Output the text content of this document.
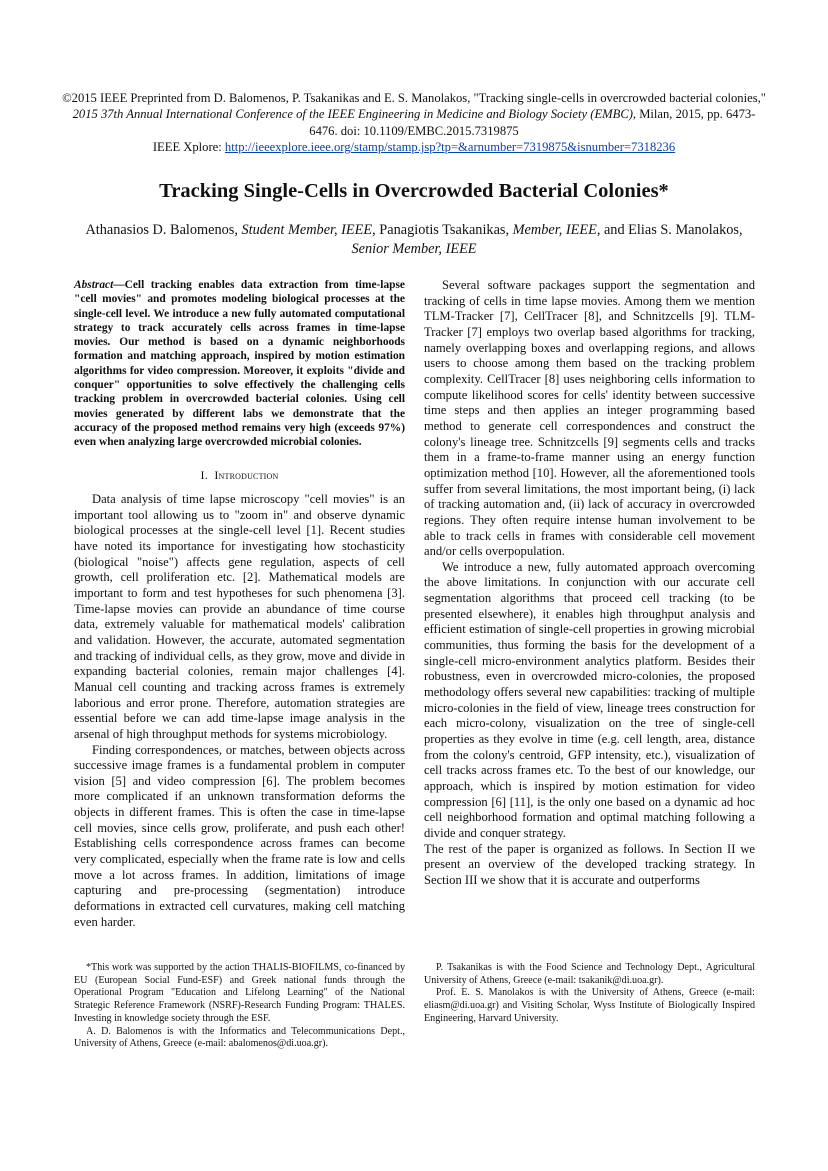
©2015 IEEE Preprinted from D. Balomenos, P. Tsakanikas and E. S. Manolakos, "Tracking single-cells in overcrowded bacterial colonies," 2015 37th Annual International Conference of the IEEE Engineering in Medicine and Biology Society (EMBC), Milan, 2015, pp. 6473-6476. doi: 10.1109/EMBC.2015.7319875

IEEE Xplore: http://ieeexplore.ieee.org/stamp/stamp.jsp?tp=&arnumber=7319875&isnumber=7318236

Tracking Single-Cells in Overcrowded Bacterial Colonies*
Athanasios D. Balomenos, Student Member, IEEE, Panagiotis Tsakanikas, Member, IEEE, and Elias S. Manolakos, Senior Member, IEEE
Abstract—Cell tracking enables data extraction from time-lapse "cell movies" and promotes modeling biological processes at the single-cell level. We introduce a new fully automated computational strategy to track accurately cells across frames in time-lapse movies. Our method is based on a dynamic neighborhoods formation and matching approach, inspired by motion estimation algorithms for video compression. Moreover, it exploits "divide and conquer" opportunities to solve effectively the challenging cells tracking problem in overcrowded bacterial colonies. Using cell movies generated by different labs we demonstrate that the accuracy of the proposed method remains very high (exceeds 97%) even when analyzing large overcrowded microbial colonies.
I. Introduction

Data analysis of time lapse microscopy "cell movies" is an important tool allowing us to "zoom in" and observe dynamic biological processes at the single-cell level [1]. Recent studies have noted its importance for investigating how stochasticity (biological "noise") affects gene regulation, aspects of cell growth, cell proliferation etc. [2]. Mathematical models are important to form and test hypotheses for such phenomena [3]. Time-lapse movies can provide an abundance of time course data, extremely valuable for mathematical models' calibration and validation. However, the accurate, automated segmentation and tracking of individual cells, as they grow, move and divide in expanding bacterial colonies, remain major challenges [4]. Manual cell counting and tracking across frames is extremely laborious and error prone. Therefore, automation strategies are essential before we can add time-lapse image analysis in the arsenal of high throughput methods for systems microbiology.

Finding correspondences, or matches, between objects across successive image frames is a fundamental problem in computer vision [5] and video compression [6]. The problem becomes more complicated if an unknown transformation deforms the objects in different frames. This is often the case in time-lapse cell movies, since cells grow, proliferate, and push each other! Establishing cells correspondence across frames can become very complicated, especially when the frame rate is low and cells move a lot across frames. In addition, limitations of image capturing and pre-processing (segmentation) introduce deformations in extracted cell curvatures, making cell matching even harder.

Several software packages support the segmentation and tracking of cells in time lapse movies. Among them we mention TLM-Tracker [7], CellTracer [8], and Schnitzcells [9]. TLM-Tracker [7] employs two overlap based algorithms for tracking, namely overlapping boxes and overlapping regions, and allows users to choose among them based on the tracking problem complexity. CellTracer [8] uses neighboring cells information to compute likelihood scores for cells' identity between successive time steps and then applies an integer programming based method to generate cell correspondences and construct the colony's lineage tree. Schnitzcells [9] segments cells and tracks them in a frame-to-frame manner using an energy function optimization method [10]. However, all the aforementioned tools suffer from several limitations, the most important being, (i) lack of tracking automation and, (ii) lack of accuracy in overcrowded regions. They often require intense human involvement to be able to track cells in frames with considerable cell movement and/or cells overpopulation.

We introduce a new, fully automated approach overcoming the above limitations. In conjunction with our accurate cell segmentation algorithms that proceed cell tracking (to be presented elsewhere), it enables high throughput analysis and efficient estimation of single-cell properties in growing microbial communities, thus forming the basis for the development of a single-cell micro-environment analytics platform. Besides their robustness, even in overcrowded micro-colonies, the proposed methodology offers several new capabilities: tracking of multiple micro-colonies in the field of view, lineage trees construction for each micro-colony, visualization on the tree of single-cell properties as they evolve in time (e.g. cell length, area, distance from the colony's centroid, GFP intensity, etc.), visualization of cell tracks across frames etc. To the best of our knowledge, our approach, which is inspired by motion estimation for video compression [6] [11], is the only one based on a dynamic ad hoc cell neighborhood formation and optimal matching following a divide and conquer strategy.

The rest of the paper is organized as follows. In Section II we present an overview of the developed tracking strategy. In Section III we show that it is accurate and outperforms

*This work was supported by the action THALIS-BIOFILMS, co-financed by EU (European Social Fund-ESF) and Greek national funds through the Operational Program "Education and Lifelong Learning" of the National Strategic Reference Framework (NSRF)-Research Funding Program: THALES. Investing in knowledge society through the ESF.

A. D. Balomenos is with the Informatics and Telecommunications Dept., University of Athens, Greece (e-mail: abalomenos@di.uoa.gr).

P. Tsakanikas is with the Food Science and Technology Dept., Agricultural University of Athens, Greece (e-mail: tsakanik@di.uoa.gr).

Prof. E. S. Manolakos is with the University of Athens, Greece (e-mail: eliasm@di.uoa.gr) and Visiting Scholar, Wyss Institute of Biologically Inspired Engineering, Harvard University.
